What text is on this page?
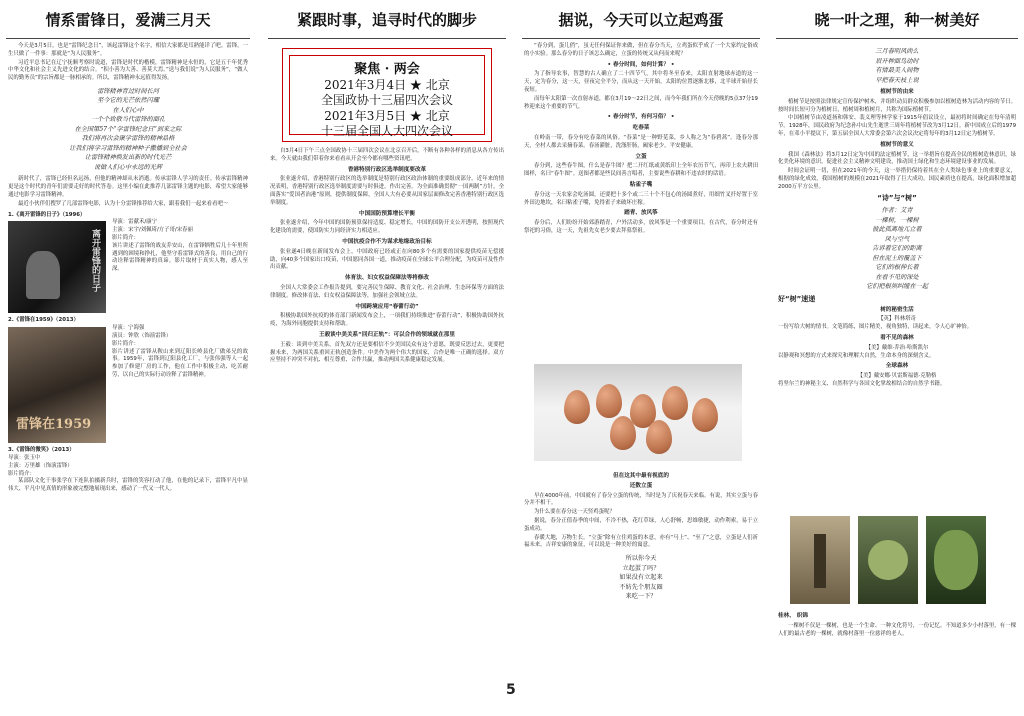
情系雷锋日，爱满三月天

今天是3月5日，也是“雷锋纪念日”，该起雷锋这个名字，相信大家都是耳熟能详了吧。雷锋，一生只做了一件事：那就是“为人民服务”。

习近平总书记在辽宁抚顺考察时说道，雷锋是时代的楷模，雷锋精神是永恒的，它是五千年优秀中华文化和社会主义先进文化的结合。“积小善为大善、善莫大焉。”送与我们说“为人民服务”，“做人民的勤务员”的宗旨都是一脉相承的。所以，雷锋精神永远值得发扬。

雷锋精神育过时间长河
至今它的光芒依然闪耀
在人们心中
一个个致敬当代雷锋的面孔
在全国第57个“学雷锋纪念日”到来之际
我们将再次会聚学雷锋的精神品格
让我们将学习雷锋的精神种子撒播到全社会
让雷锋精神焕发出新的时代光芒
说做人们心中永远的光辉

新时代了，雷锋已经但名远扬，但他的精神却从未消逝。传承雷锋人学习的责任。传承雷锋精神更是这个时代的青年们需要走好的时代答卷。这里小编在此推荐几部雷锋主题的电影，希望大家能够通过电影学习雷锋精神。

最近小伙伴们搜罗了几部雷锋电影，认为十分雷锋推荐给大家，跟着我们一起来看看吧～

1.《离开雷锋的日子》（1996）
离开雷锋的日子
导演：雷献禾/康宁
主演：宋宇/刘佩琦/方子哥/宋春丽
影片简介：
该片讲述了雷锋的战友乔安山，在雷锋牺牲后几十年里所遇到的困境和挣扎，他坚守着雷锋式的善良，用自己的行动诠释雷锋精神的真谛。影片取材于真实人物，感人至深。
2.《雷锋在1959》（2013）
雷锋在1959
导演：宁海强
演员：钟欣（饰演雷锋）
影片简介：
影片讲述了雷锋从鞍山来到辽阳长岭县化厂做弟兄的故事。1959年，雷锋到辽阳县化工厂，与张伟强等人一起参加了修建厂房的工作，他在工作中积极主动、吃苦耐劳，以自己的实际行动诠释了雷锋精神。
3.《雷锋的微笑》（2013）
导演：张玉中
主演：万里雄（饰演雷锋）
影片简介：

某部队文化干事张学在下连队拍摄新兵时，雷锋的笑容打动了他，在他的记录下，雷锋平凡中显伟大、平凡中见真情的形象被完整地展现出来，感动了一代又一代人。

紧跟时事，追寻时代的脚步
聚焦 · 两会
2021年3月4日 ★ 北京
全国政协十三届四次会议
2021年3月5日 ★ 北京
十三届全国人大四次会议

自3月4日下午三点全国政协十三届四次会议在北京召开后，不断有各种各样的消息从各方传出来。今天就由我们带着你来看看从开会至今都有哪些资讯吧。

香港特别行政区选举制度要改革

张业遂介绍，香港特别行政区的选举制度是特别行政区政治体制的重要组成部分。近年来的情况表明，香港特别行政区选举制度需要与时俱进，作出完善。为全面准确贯彻“一国两制”方针，全面落实“爱国者治港”原则，提供制度保障，全国人大有必要从国家层面修改完善香港特别行政区选举制度。

中国国防预算增长平衡

张业遂介绍，今年中国的国防预算保持适度、稳定增长，中国的国防开支公开透明，按照现代化建设的需要，使国防实力同经济实力相适应。

中国抗疫合作不为谋求地缘政治目标

张业遂4日晚在新闻发布会上，中国政府已经或正在向80多个有需要的国家提供疫苗无偿援助，向40多个国家出口疫苗，中国愿同各国一道，推动疫苗在全球公平合理分配，为疫苗可及性作出贡献。

体育法、妇女权益保障法等将修改

全国人大常委会工作报告提到，要完善民生保障、教育文化、社会治理、生态环保等方面的法律制度。修改体育法、妇女权益保障法等，加强社会领域立法。

中国跨境应用“春蕾行动”

积极协助国外抗疫的体育部门新闻发布会上，一项我们持续推进“春蕾行动”，积极协助国外抗疫，为海外同胞提供支持和帮助。

王毅谈中美关系“回归正轨”：可以合作的领域就在那里

王毅：谈到中美关系，首先双方还是要相信不少美国民众有这个意愿，既要反思过去，更要把握未来，为两国关系重回正轨创造条件。中美作为两个伟大的国家，合作是唯一正确的选择。双方应坚持不冲突不对抗、相互尊重、合作共赢，推动两国关系健康稳定发展。

据说，今天可以立起鸡蛋

“春分到，蛋儿俏”，虽无任何保证你来做，但在春分当天，立鸡蛋似乎成了一个大家约定俗成的小实验。那么春分的日子该怎么确定，立蛋的传统又从何而来呢？

• 春分时间，如何计算？ •

为了指导农事，智慧的古人确立了二十四节气，其中将冬至春来，太阳直射地球赤道的这一天，定为春分，这一天，昼夜完全平分，而从这一天开始，太阳的位置逐渐北移，北半球开始昼长夜短。

而每年太阳第一次直射赤道，都在3月19～22日之间，而今年我们所在今天傍晚的5点37分19秒迎来这个重要的节气。

• 春分时节，有何习俗？ •
吃春菜

在岭南一带，春分有吃春菜的风俗。“春菜”是一种野苋菜，乡人称之为“春碧蒿”。逢春分那天，全村人都去采摘春菜。春汤灌脏，洗涤肝肠，阖家老少，平安健康。

立蛋

春分到，这些春牛图，什么是春牛图？把二开红纸或黄纸印上全年农历节气，再印上农夫耕田图样，名曰“春牛图”。送图者都是些民间善言唱者，主要说些春耕和不违农时的话语。

粘雀子嘴

春分这一天农家会吃汤圆，还要把十多个或二三十个不包心的汤圆煮好，用细竹叉扦好置于室外田边地坎，名曰粘雀子嘴，免得雀子来破坏庄稼。

踏青、放风筝

春分后，人们纷纷开始郊游踏青，户外活动多，放风筝是一个重要项目。在古代，春分时还有祭祀的习俗，这一天，先祖先女老少要去拜墓祭祖。

但在这其中最有视底的
还数立蛋

早在4000年前，中国就有了春分立蛋的传统，当时是为了庆祝春天来临。有说，其实立蛋与春分并不相干。

为什么要在春分这一天竖鸡蛋呢？

据说，春分正值春季的中间，不冷不热，花红草绿，人心舒畅，思维敏捷，动作利索，易于立蛋成功。

春暖大地，万物生长。“立蛋”除有立住鸡蛋的本意，亦有“马上”、“至了”之意，立蛋是人们祈福未来，吉祥安康的象征，可以说是一种美好的寓意。

所以你今天
立起蛋了吗？
如果没有立起来
不妨先个朋友圈
来吃一下？
晓一叶之理，种一树美好
三月春明风尚么
眉开种面鸟动时
有情最美人间物
早把春天枝上说
植树节的由来

植树节是按照法律规定宣传保护树木，并组织动员群众积极参加以植树造林为活动内容的节日。按时间长短可分为植树日，植树周和植树月，共称为国际植树节。

中国植树节由凌道扬和韩安、裴义理等林学家于1915年倡议设立，最初将时间确定在每年清明节。1928年，国民政府为纪念孙中山先生逝世三周年将植树节改为3月12日。新中国成立后的1979年，在邓小平提议下，第五届全国人大常委会第六次会议决定将每年的3月12日定为植树节。

植树节的意义

我国《森林法》将3月12日定为中国的法定植树节，这一举措旨在提高全民的植树造林意识，绿化美化环境的意识，促进社会主义精神文明建设，推动国土绿化和生态环境建设事业的发展。

时间会证明一切，但在2021年的今天，这一举措仍保持着其在全人类绿色事业上的重要意义，根据的绿化成效，我国植树的规模在2021年取得了巨大成功。国民素质也在提高，绿化面积增加超2000万平方公里。

“诗”与“树”
作者：艾青
一棵树，一棵树
彼此孤离地兀立着
风与空气
告诉着它们的距离
但在泥土的覆盖下
它们的根伸长着
在看不见的深处
它们把根须纠缠在一起
好“树”速递
树的秘密生活
【英】科林塔奇
一份写给大树的情书。文笔简练，图片精美，视角独特，读起来，令人心旷神怡。
看不见的森林
【美】戴维·乔治·哈斯凯尔
以静观和冥想的方式来探究和理解大自然，生命本身的深刻含义。
全球森林
【美】戴安娜·贝雷斯福德·克勒格
将坚尔兰的神秘主义、自然科学与各国文化掌故相结合的自然学书籍。
桂林、 织锦

一棵树不仅是一棵树，也是一个生命、一种文化符号，一份记忆。不知道多少小村落里，有一棵人们的最古老的一棵树，就像村落里一位慈祥的老人。

5
